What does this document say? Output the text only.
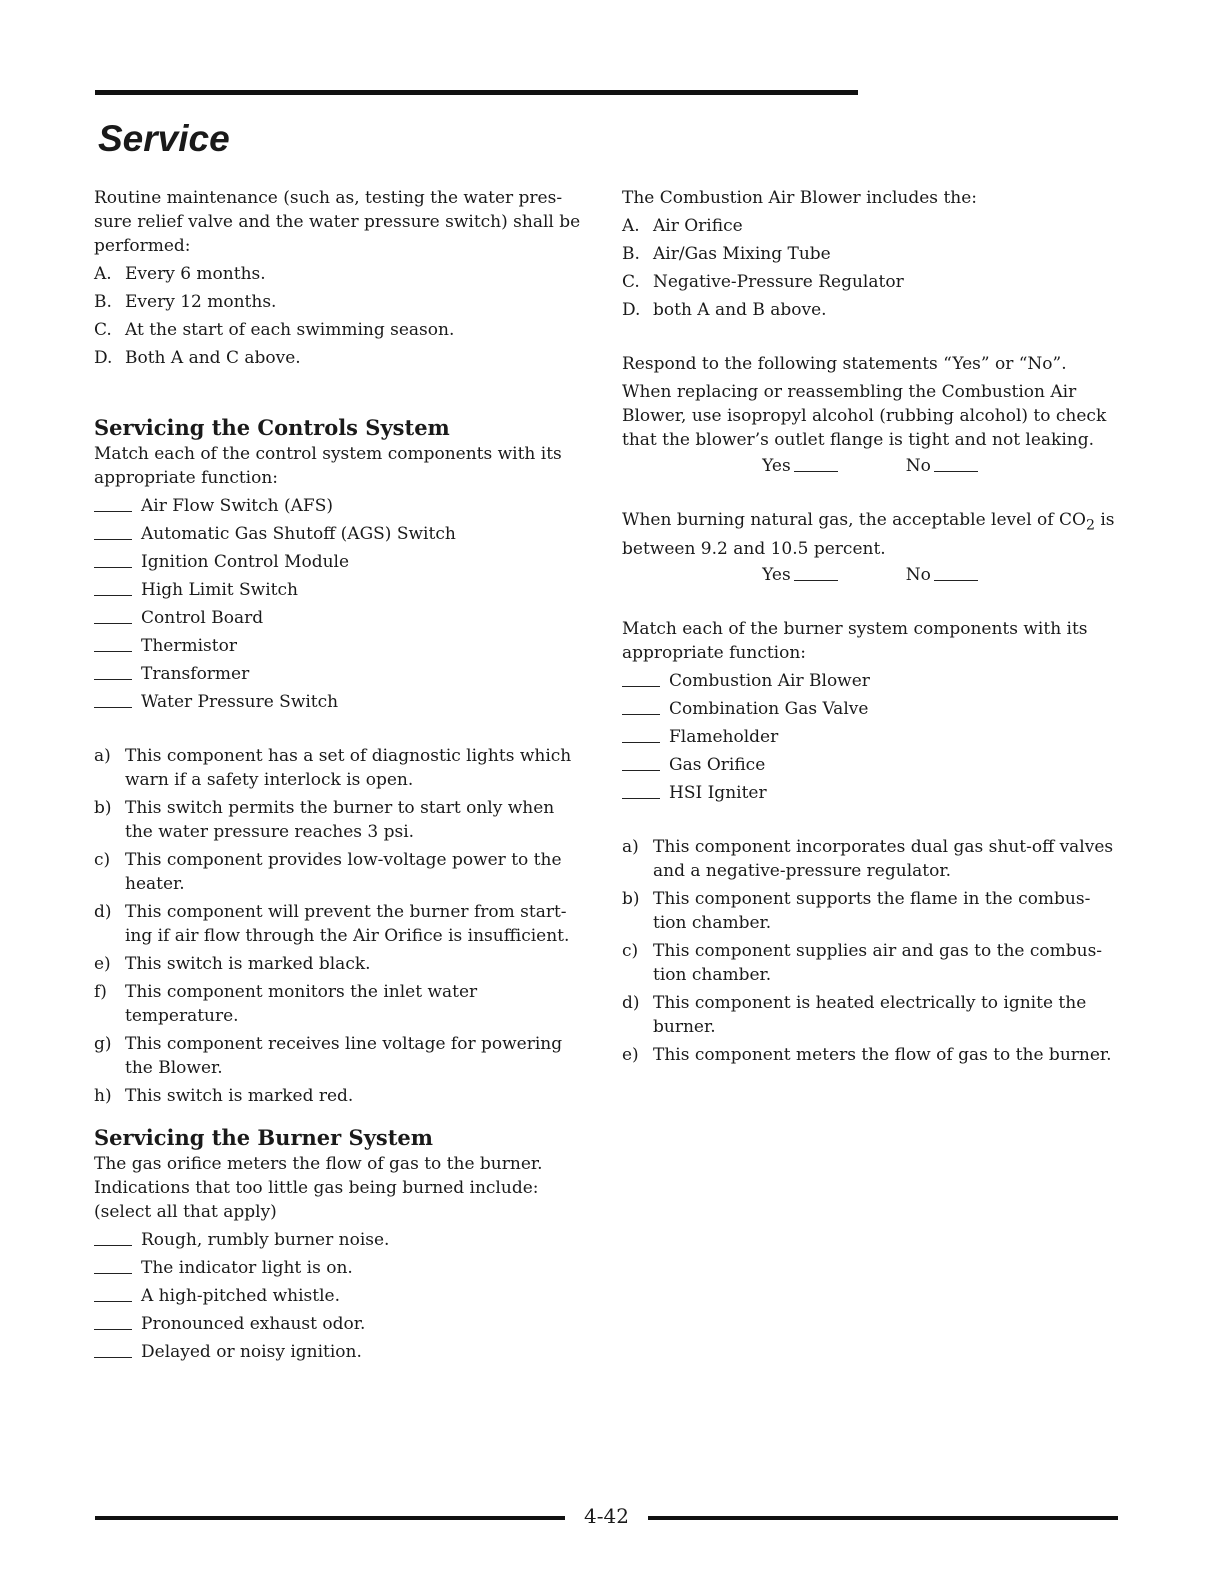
Service

Routine maintenance (such as, testing the water pres-sure relief valve and the water pressure switch) shall be performed:

A. Every 6 months.
B. Every 12 months.
C. At the start of each swimming season.
D. Both A and C above.
Servicing the Controls System

Match each of the control system components with its appropriate function:

Air Flow Switch (AFS)
Automatic Gas Shutoff (AGS) Switch
Ignition Control Module
High Limit Switch
Control Board
Thermistor
Transformer
Water Pressure Switch
a) This component has a set of diagnostic lights which warn if a safety interlock is open.
b) This switch permits the burner to start only when the water pressure reaches 3 psi.
c) This component provides low-voltage power to the heater.
d) This component will prevent the burner from start-ing if air flow through the Air Orifice is insufficient.
e) This switch is marked black.
f)	This component monitors the inlet water temperature.
g) This component receives line voltage for powering the Blower.
h) This switch is marked red.
Servicing the Burner System

The gas orifice meters the flow of gas to the burner. Indications that too little gas being burned include: (select all that apply)

Rough, rumbly burner noise.
The indicator light is on.
A high-pitched whistle.
Pronounced exhaust odor.
Delayed or noisy ignition.

The Combustion Air Blower includes the:

A. Air Orifice
B. Air/Gas Mixing Tube
C. Negative-Pressure Regulator
D. both A and B above.

Respond to the following statements “Yes” or “No”.

When replacing or reassembling the Combustion Air Blower, use isopropyl alcohol (rubbing alcohol) to check that the blower’s outlet flange is tight and not leaking.

Yes	No

When burning natural gas, the acceptable level of $CO_2$ is between 9.2 and 10.5 percent.

Yes	No

Match each of the burner system components with its appropriate function:

Combustion Air Blower
Combination Gas Valve
Flameholder
Gas Orifice
HSI Igniter
a) This component incorporates dual gas shut-off valves and a negative-pressure regulator.
b) This component supports the flame in the combus-tion chamber.
c) This component supplies air and gas to the combus-tion chamber.
d) This component is heated electrically to ignite the burner.
e) This component meters the flow of gas to the burner.
4-42
